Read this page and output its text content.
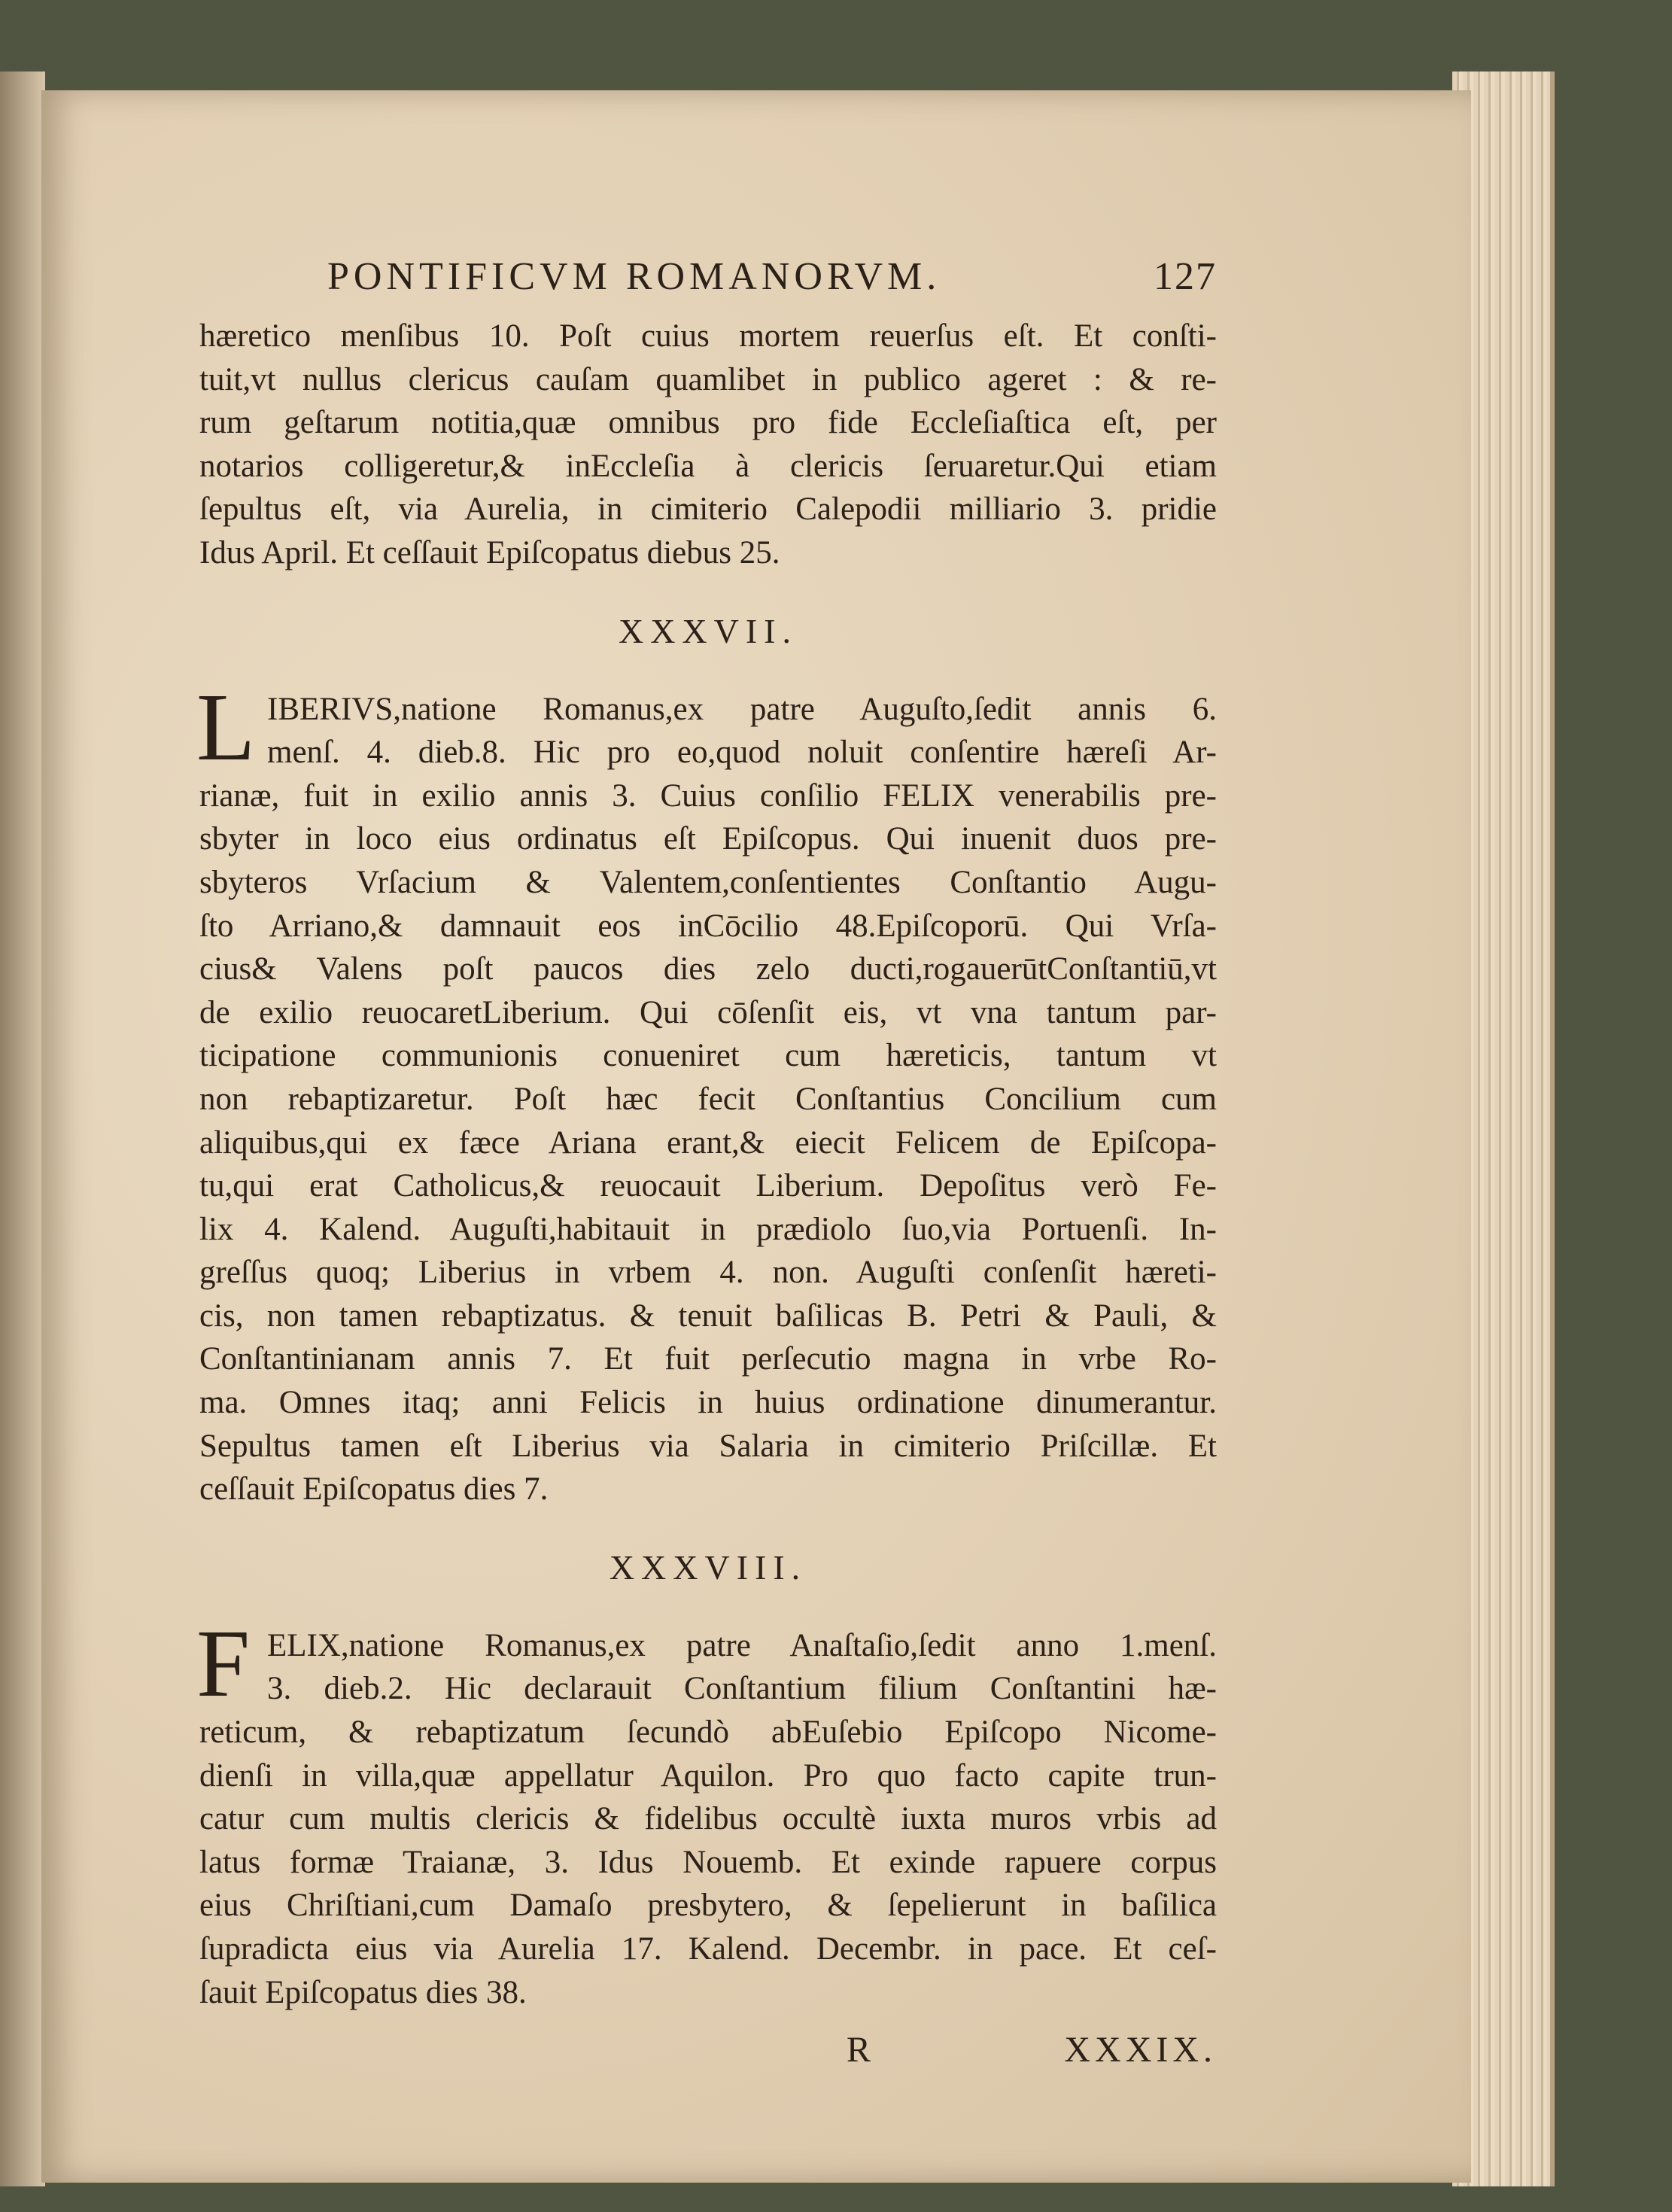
PONTIFICVM ROMANORVM.	127
hæretico menſibus 10. Poſt cuius mortem reuerſus eſt. Et conſti-
tuit,vt nullus clericus cauſam quamlibet in publico ageret : & re-
rum geſtarum notitia,quæ omnibus pro fide Eccleſiaſtica eſt, per
notarios colligeretur,& inEccleſia à clericis ſeruaretur.Qui etiam
ſepultus eſt, via Aurelia, in cimiterio Calepodii milliario 3. pridie
Idus April. Et ceſſauit Epiſcopatus diebus 25.
XXXVII.
L IBERIVS,natione Romanus,ex patre Auguſto,ſedit annis 6.
menſ. 4. dieb.8. Hic pro eo,quod noluit conſentire hæreſi Ar-
rianæ, fuit in exilio annis 3. Cuius conſilio FELIX venerabilis pre-
sbyter in loco eius ordinatus eſt Epiſcopus. Qui inuenit duos pre-
sbyteros Vrſacium & Valentem,conſentientes Conſtantio Augu-
ſto Arriano,& damnauit eos inCōcilio 48.Epiſcoporū. Qui Vrſa-
cius& Valens poſt paucos dies zelo ducti,rogauerūtConſtantiū,vt
de exilio reuocaretLiberium. Qui cōſenſit eis, vt vna tantum par-
ticipatione communionis conueniret cum hæreticis, tantum vt
non rebaptizaretur. Poſt hæc fecit Conſtantius Concilium cum
aliquibus,qui ex fæce Ariana erant,& eiecit Felicem de Epiſcopa-
tu,qui erat Catholicus,& reuocauit Liberium. Depoſitus verò Fe-
lix 4. Kalend. Auguſti,habitauit in prædiolo ſuo,via Portuenſi. In-
greſſus quoq; Liberius in vrbem 4. non. Auguſti conſenſit hæreti-
cis, non tamen rebaptizatus. & tenuit baſilicas B. Petri & Pauli, &
Conſtantinianam annis 7. Et fuit perſecutio magna in vrbe Ro-
ma. Omnes itaq; anni Felicis in huius ordinatione dinumerantur.
Sepultus tamen eſt Liberius via Salaria in cimiterio Priſcillæ. Et
ceſſauit Epiſcopatus dies 7.
XXXVIII.
F ELIX,natione Romanus,ex patre Anaſtaſio,ſedit anno 1.menſ.
3. dieb.2. Hic declarauit Conſtantium filium Conſtantini hæ-
reticum, & rebaptizatum ſecundò abEuſebio Epiſcopo Nicome-
dienſi in villa,quæ appellatur Aquilon. Pro quo facto capite trun-
catur cum multis clericis & fidelibus occultè iuxta muros vrbis ad
latus formæ Traianæ, 3. Idus Nouemb. Et exinde rapuere corpus
eius Chriſtiani,cum Damaſo presbytero, & ſepelierunt in baſilica
ſupradicta eius via Aurelia 17. Kalend. Decembr. in pace. Et ceſ-
ſauit Epiſcopatus dies 38.
R	XXXIX.
